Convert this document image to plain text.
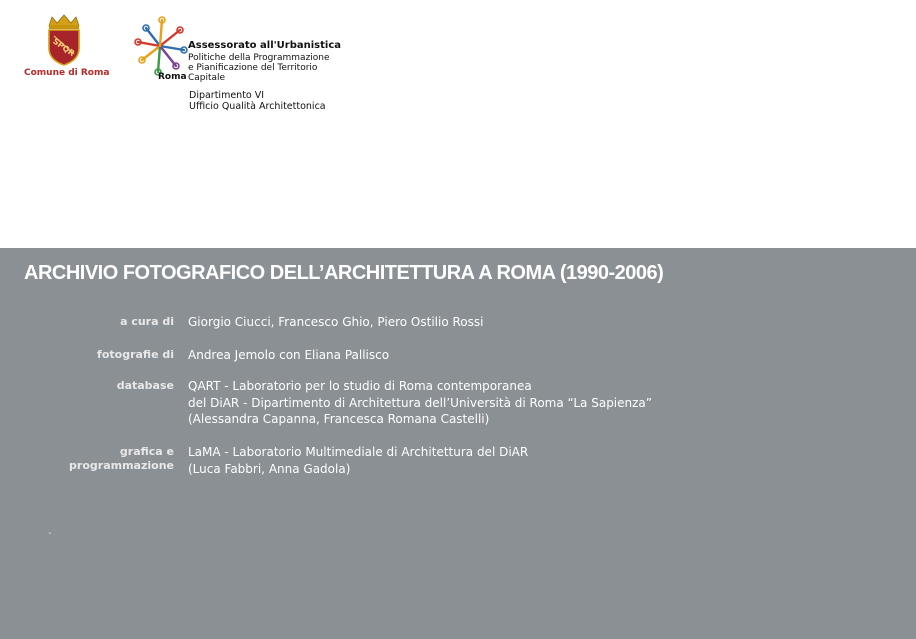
SPQR
Comune di Roma	Roma
Assessorato all'Urbanistica
Politiche della Programmazione
e Pianificazione del Territorio
Capitale
Dipartimento VI
Ufficio Qualità Architettonica
ARCHIVIO FOTOGRAFICO DELL’ARCHITETTURA A ROMA (1990-2006)
a cura di Giorgio Ciucci, Francesco Ghio, Piero Ostilio Rossi
fotografie di Andrea Jemolo con Eliana Pallisco
database QART - Laboratorio per lo studio di Roma contemporanea
del DiAR - Dipartimento di Architettura dell’Università di Roma “La Sapienza”
(Alessandra Capanna, Francesca Romana Castelli)
grafica e
programmazione
LaMA - Laboratorio Multimediale di Architettura del DiAR
(Luca Fabbri, Anna Gadola)
-
